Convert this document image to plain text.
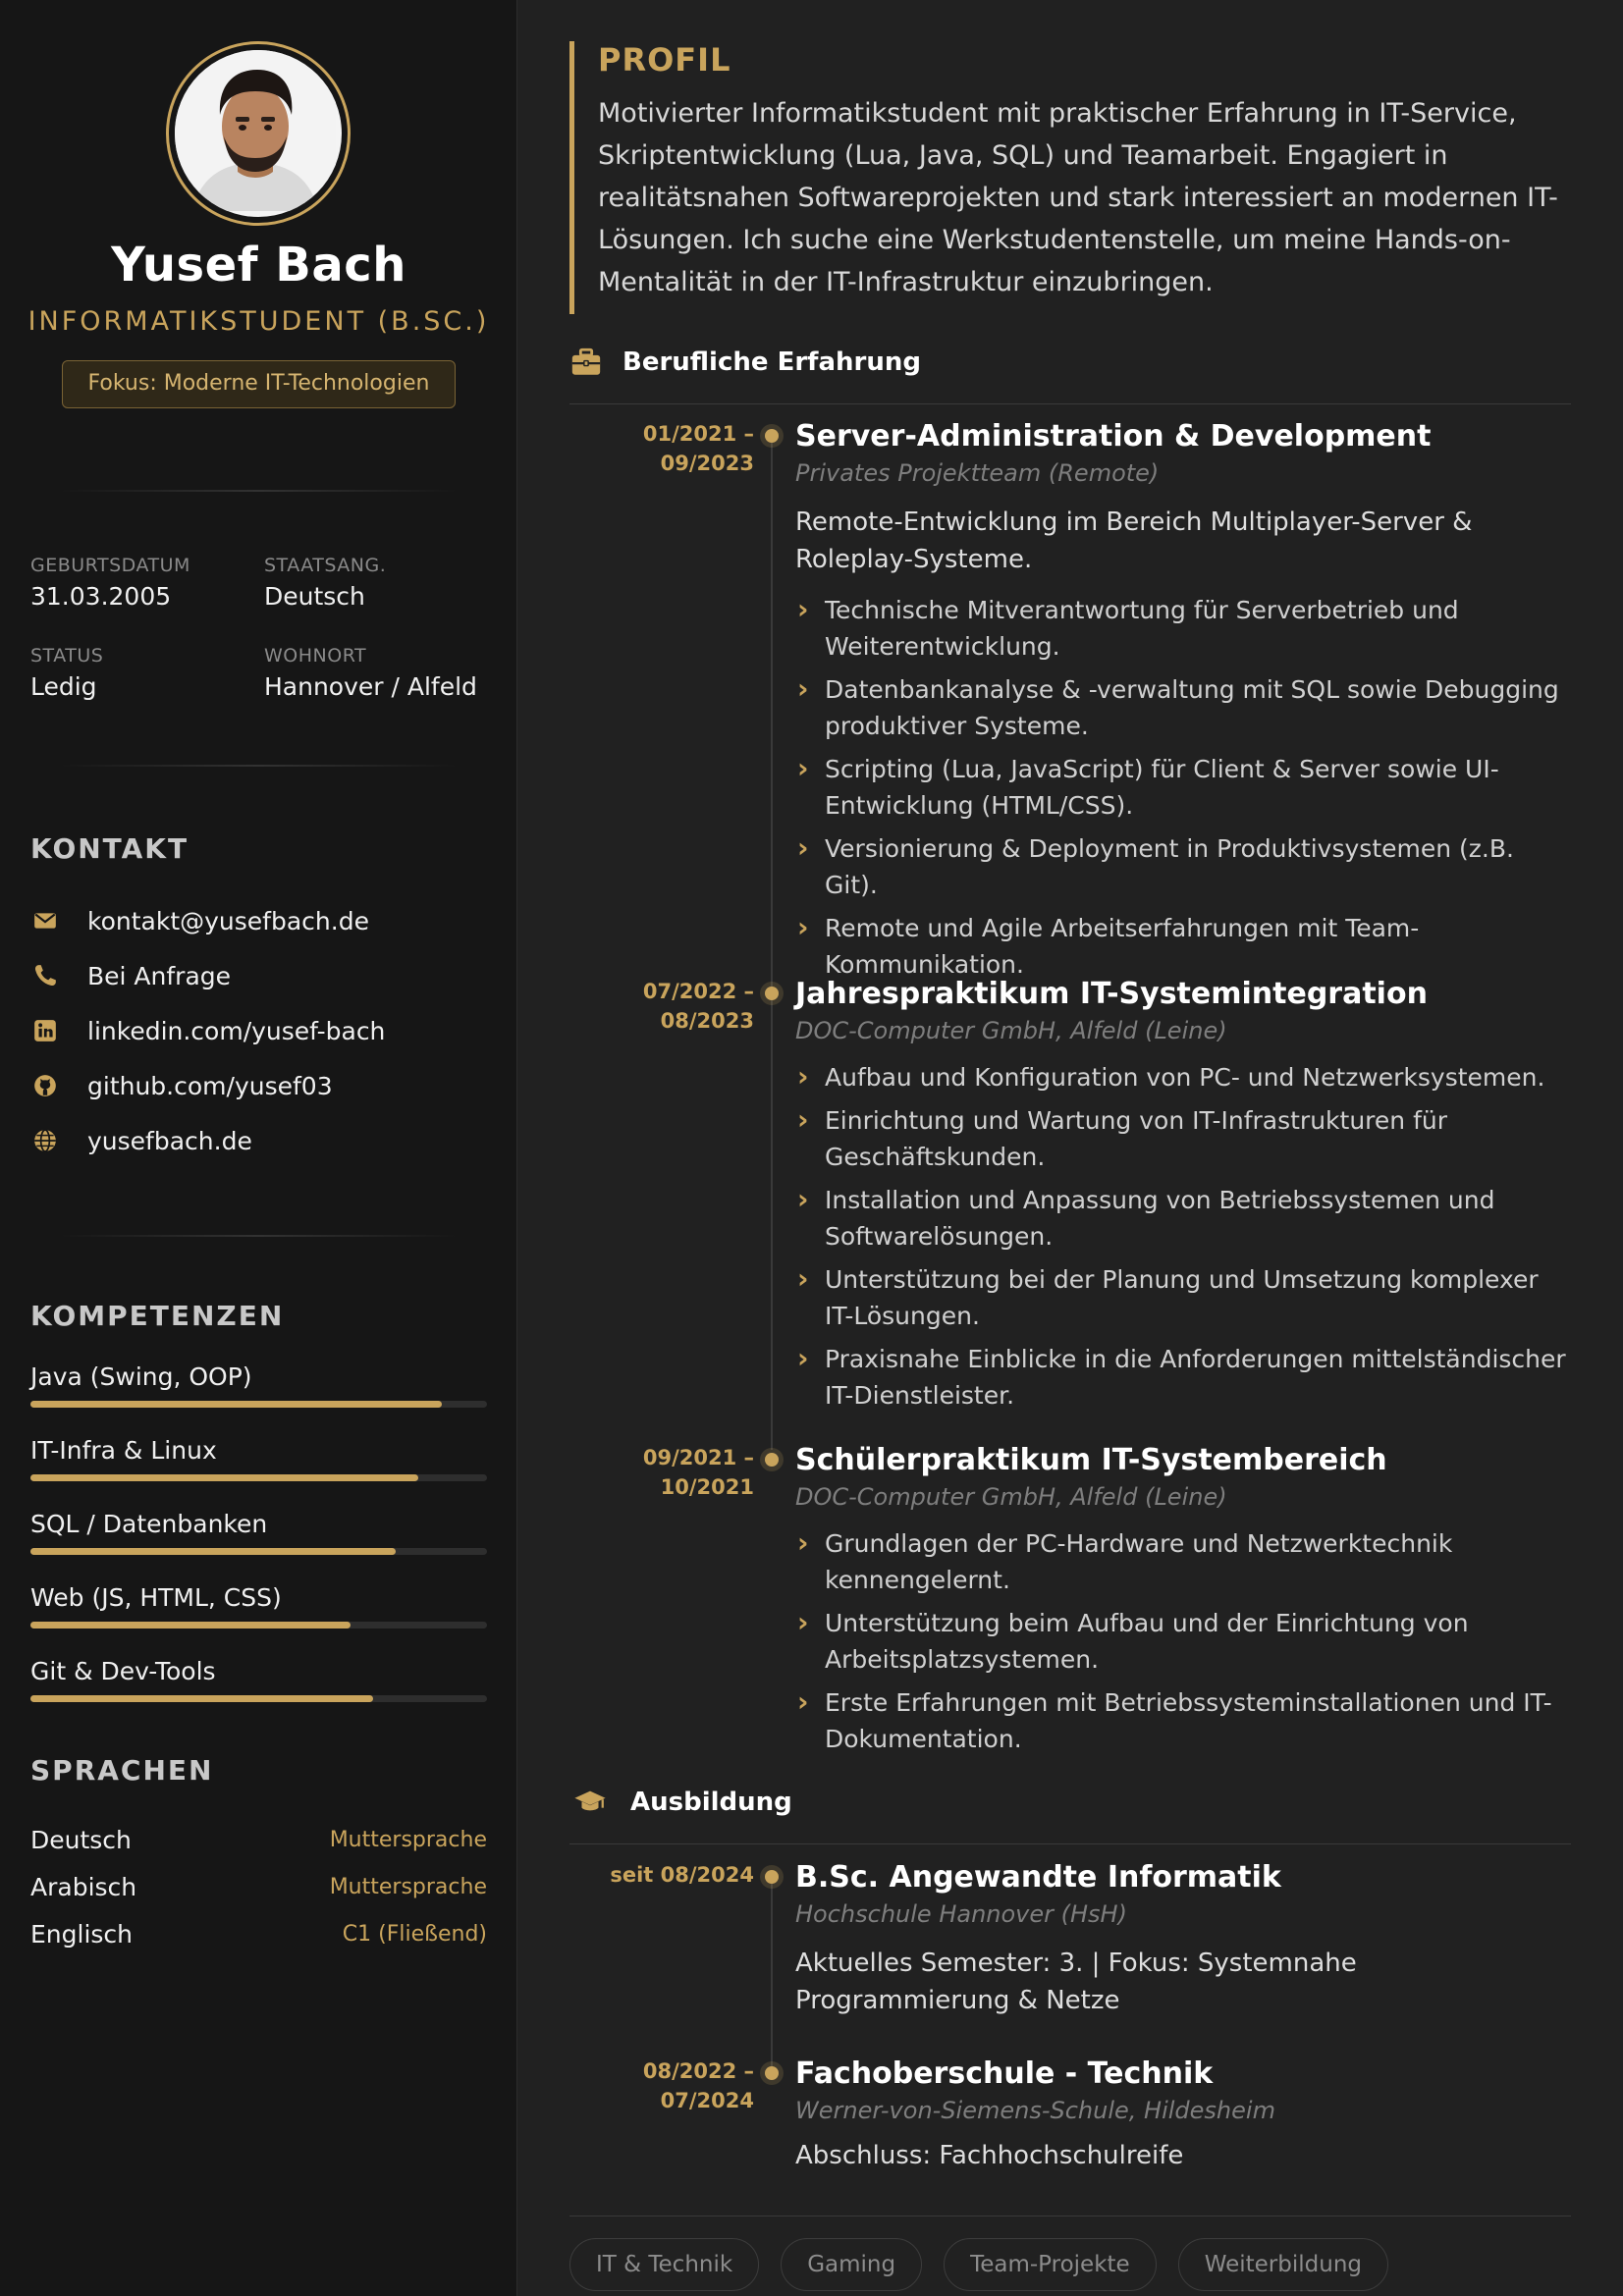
Yusef Bach
INFORMATIKSTUDENT (B.SC.)
Fokus: Moderne IT-Technologien
GEBURTSDATUM
31.03.2005
STAATSANG.
Deutsch
STATUS
Ledig
WOHNORT
Hannover / Alfeld
KONTAKT
kontakt@yusefbach.de
Bei Anfrage
linkedin.com/yusef-bach
github.com/yusef03
yusefbach.de
KOMPETENZEN
Java (Swing, OOP)
IT-Infra & Linux
SQL / Datenbanken
Web (JS, HTML, CSS)
Git & Dev-Tools
SPRACHEN
Deutsch	Muttersprache
Arabisch	Muttersprache
Englisch	C1 (Fließend)
PROFIL
Motivierter Informatikstudent mit praktischer Erfahrung in IT-Service, Skriptentwicklung (Lua, Java, SQL) und Teamarbeit. Engagiert in realitätsnahen Softwareprojekten und stark interessiert an modernen IT-Lösungen. Ich suche eine Werkstudentenstelle, um meine Hands-on-Mentalität in der IT-Infrastruktur einzubringen.
Berufliche Erfahrung
01/2021 –
09/2023
Server-Administration & Development
Privates Projektteam (Remote)
Remote-Entwicklung im Bereich Multiplayer-Server & Roleplay-Systeme.
› Technische Mitverantwortung für Serverbetrieb und Weiterentwicklung.
› Datenbankanalyse & -verwaltung mit SQL sowie Debugging produktiver Systeme.
› Scripting (Lua, JavaScript) für Client & Server sowie UI-Entwicklung (HTML/CSS).
› Versionierung & Deployment in Produktivsystemen (z.B. Git).
› Remote und Agile Arbeitserfahrungen mit Team-Kommunikation.
07/2022 –
08/2023
Jahrespraktikum IT-Systemintegration
DOC-Computer GmbH, Alfeld (Leine)
› Aufbau und Konfiguration von PC- und Netzwerksystemen.
› Einrichtung und Wartung von IT-Infrastrukturen für Geschäftskunden.
› Installation und Anpassung von Betriebssystemen und Softwarelösungen.
› Unterstützung bei der Planung und Umsetzung komplexer IT-Lösungen.
› Praxisnahe Einblicke in die Anforderungen mittelständischer IT-Dienstleister.
09/2021 –
10/2021
Schülerpraktikum IT-Systembereich
DOC-Computer GmbH, Alfeld (Leine)
› Grundlagen der PC-Hardware und Netzwerktechnik kennengelernt.
› Unterstützung beim Aufbau und der Einrichtung von Arbeitsplatzsystemen.
› Erste Erfahrungen mit Betriebssysteminstallationen und IT-Dokumentation.
Ausbildung
seit 08/2024 B.Sc. Angewandte Informatik
Hochschule Hannover (HsH)
Aktuelles Semester: 3. | Fokus: Systemnahe Programmierung & Netze
08/2022 –
07/2024
Fachoberschule - Technik
Werner-von-Siemens-Schule, Hildesheim
Abschluss: Fachhochschulreife
IT & Technik	Gaming	Team-Projekte	Weiterbildung
